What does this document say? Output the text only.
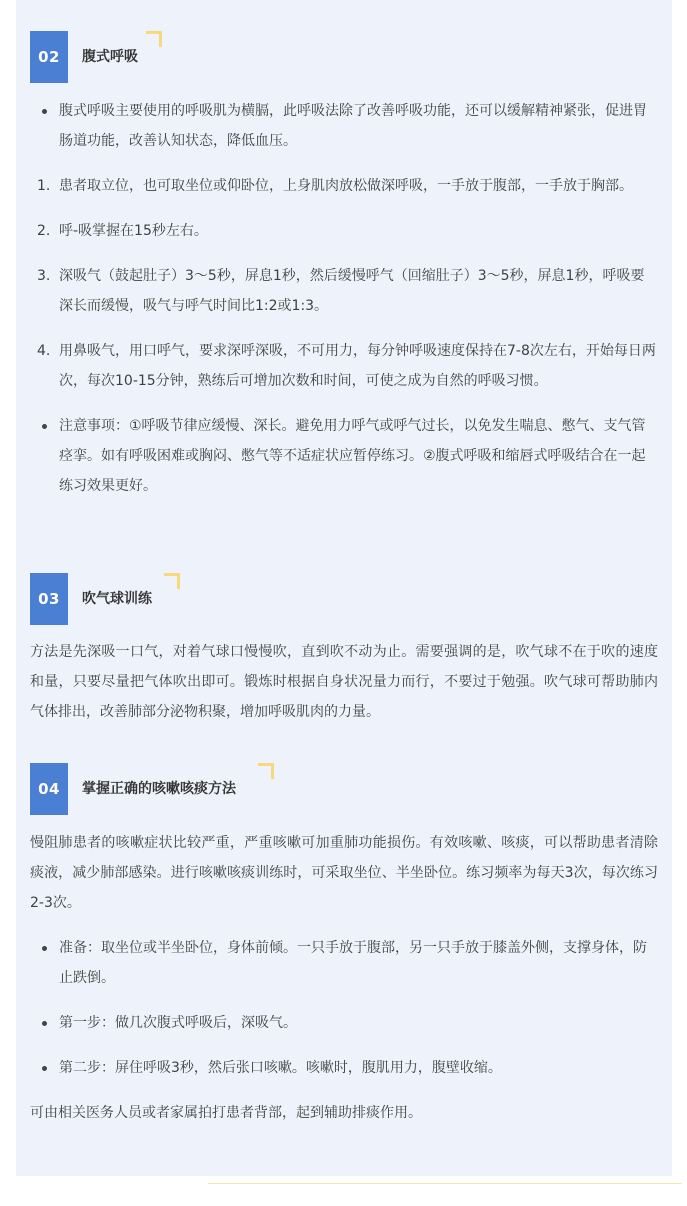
02	腹式呼吸
腹式呼吸主要使用的呼吸肌为横膈，此呼吸法除了改善呼吸功能，还可以缓解精神紧张，促进胃肠道功能，改善认知状态，降低血压。
1. 患者取立位，也可取坐位或仰卧位，上身肌肉放松做深呼吸，一手放于腹部，一手放于胸部。
2. 呼-吸掌握在15秒左右。
3. 深吸气（鼓起肚子）3～5秒，屏息1秒，然后缓慢呼气（回缩肚子）3～5秒，屏息1秒，呼吸要深长而缓慢，吸气与呼气时间比1:2或1:3。
4. 用鼻吸气，用口呼气，要求深呼深吸，不可用力，每分钟呼吸速度保持在7-8次左右，开始每日两次，每次10-15分钟，熟练后可增加次数和时间，可使之成为自然的呼吸习惯。
注意事项：①呼吸节律应缓慢、深长。避免用力呼气或呼气过长，以免发生喘息、憋气、支气管痉挛。如有呼吸困难或胸闷、憋气等不适症状应暂停练习。②腹式呼吸和缩唇式呼吸结合在一起练习效果更好。
03	吹气球训练
方法是先深吸一口气，对着气球口慢慢吹，直到吹不动为止。需要强调的是，吹气球不在于吹的速度和量，只要尽量把气体吹出即可。锻炼时根据自身状况量力而行，不要过于勉强。吹气球可帮助肺内气体排出，改善肺部分泌物积聚，增加呼吸肌肉的力量。
04	掌握正确的咳嗽咳痰方法
慢阻肺患者的咳嗽症状比较严重，严重咳嗽可加重肺功能损伤。有效咳嗽、咳痰，可以帮助患者清除痰液，减少肺部感染。进行咳嗽咳痰训练时，可采取坐位、半坐卧位。练习频率为每天3次，每次练习2-3次。
准备：取坐位或半坐卧位，身体前倾。一只手放于腹部，另一只手放于膝盖外侧，支撑身体，防止跌倒。
第一步：做几次腹式呼吸后，深吸气。
第二步：屏住呼吸3秒，然后张口咳嗽。咳嗽时，腹肌用力，腹壁收缩。
可由相关医务人员或者家属拍打患者背部，起到辅助排痰作用。
